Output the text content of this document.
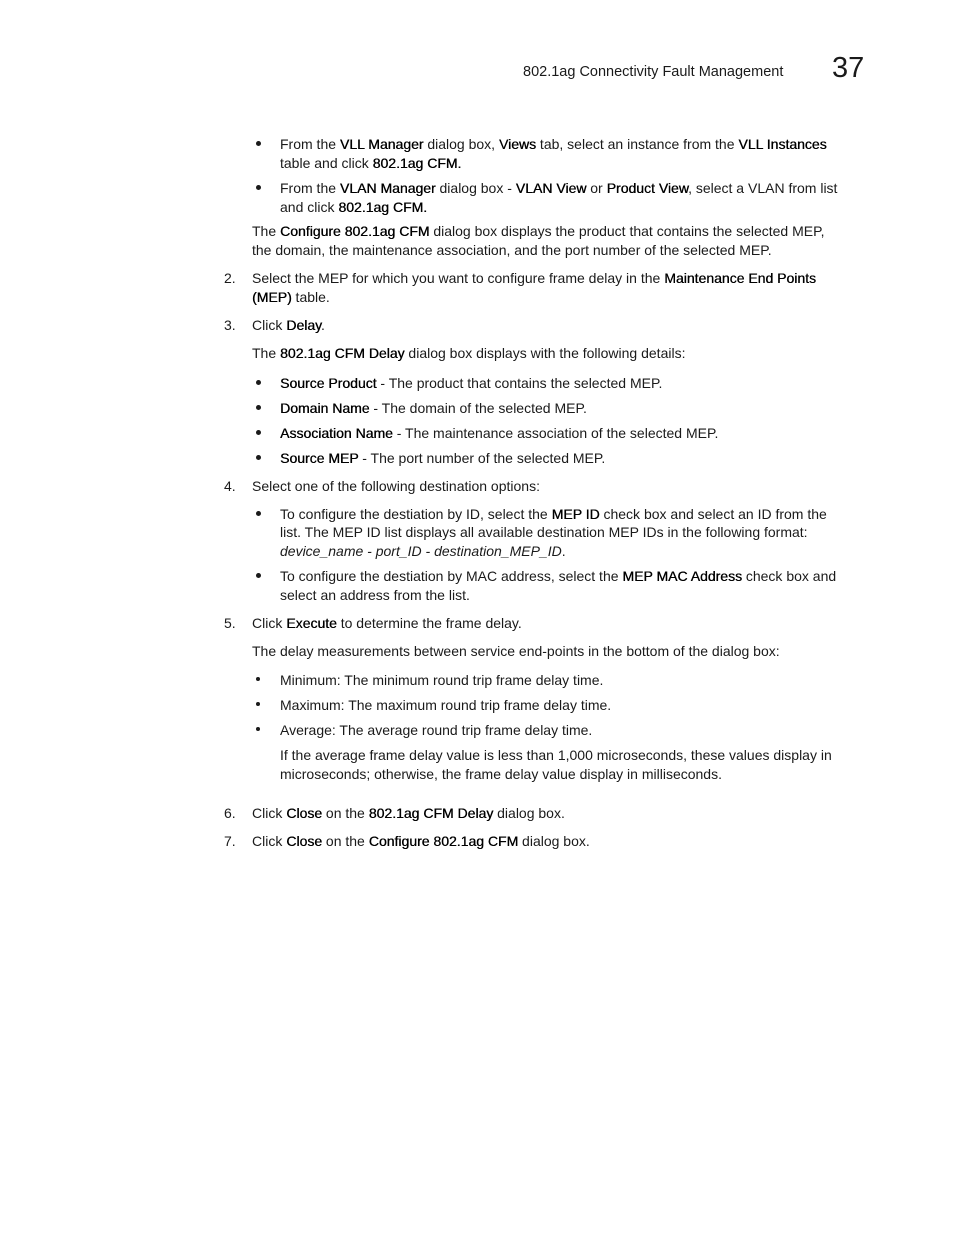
802.1ag Connectivity Fault Management 37
From the VLL Manager dialog box, Views tab, select an instance from the VLL Instances
table and click 802.1ag CFM.
From the VLAN Manager dialog box - VLAN View or Product View, select a VLAN from list
and click 802.1ag CFM.
The Configure 802.1ag CFM dialog box displays the product that contains the selected MEP,
the domain, the maintenance association, and the port number of the selected MEP.
2. Select the MEP for which you want to configure frame delay in the Maintenance End Points
(MEP) table.
3. Click Delay.
The 802.1ag CFM Delay dialog box displays with the following details:
Source Product - The product that contains the selected MEP.
Domain Name - The domain of the selected MEP.
Association Name - The maintenance association of the selected MEP.
Source MEP - The port number of the selected MEP.
4. Select one of the following destination options:
To configure the destiation by ID, select the MEP ID check box and select an ID from the
list. The MEP ID list displays all available destination MEP IDs in the following format:
device_name - port_ID - destination_MEP_ID.
To configure the destiation by MAC address, select the MEP MAC Address check box and
select an address from the list.
5. Click Execute to determine the frame delay.
The delay measurements between service end-points in the bottom of the dialog box:
Minimum: The minimum round trip frame delay time.
Maximum: The maximum round trip frame delay time.
Average: The average round trip frame delay time.
If the average frame delay value is less than 1,000 microseconds, these values display in
microseconds; otherwise, the frame delay value display in milliseconds.
6. Click Close on the 802.1ag CFM Delay dialog box.
7. Click Close on the Configure 802.1ag CFM dialog box.
